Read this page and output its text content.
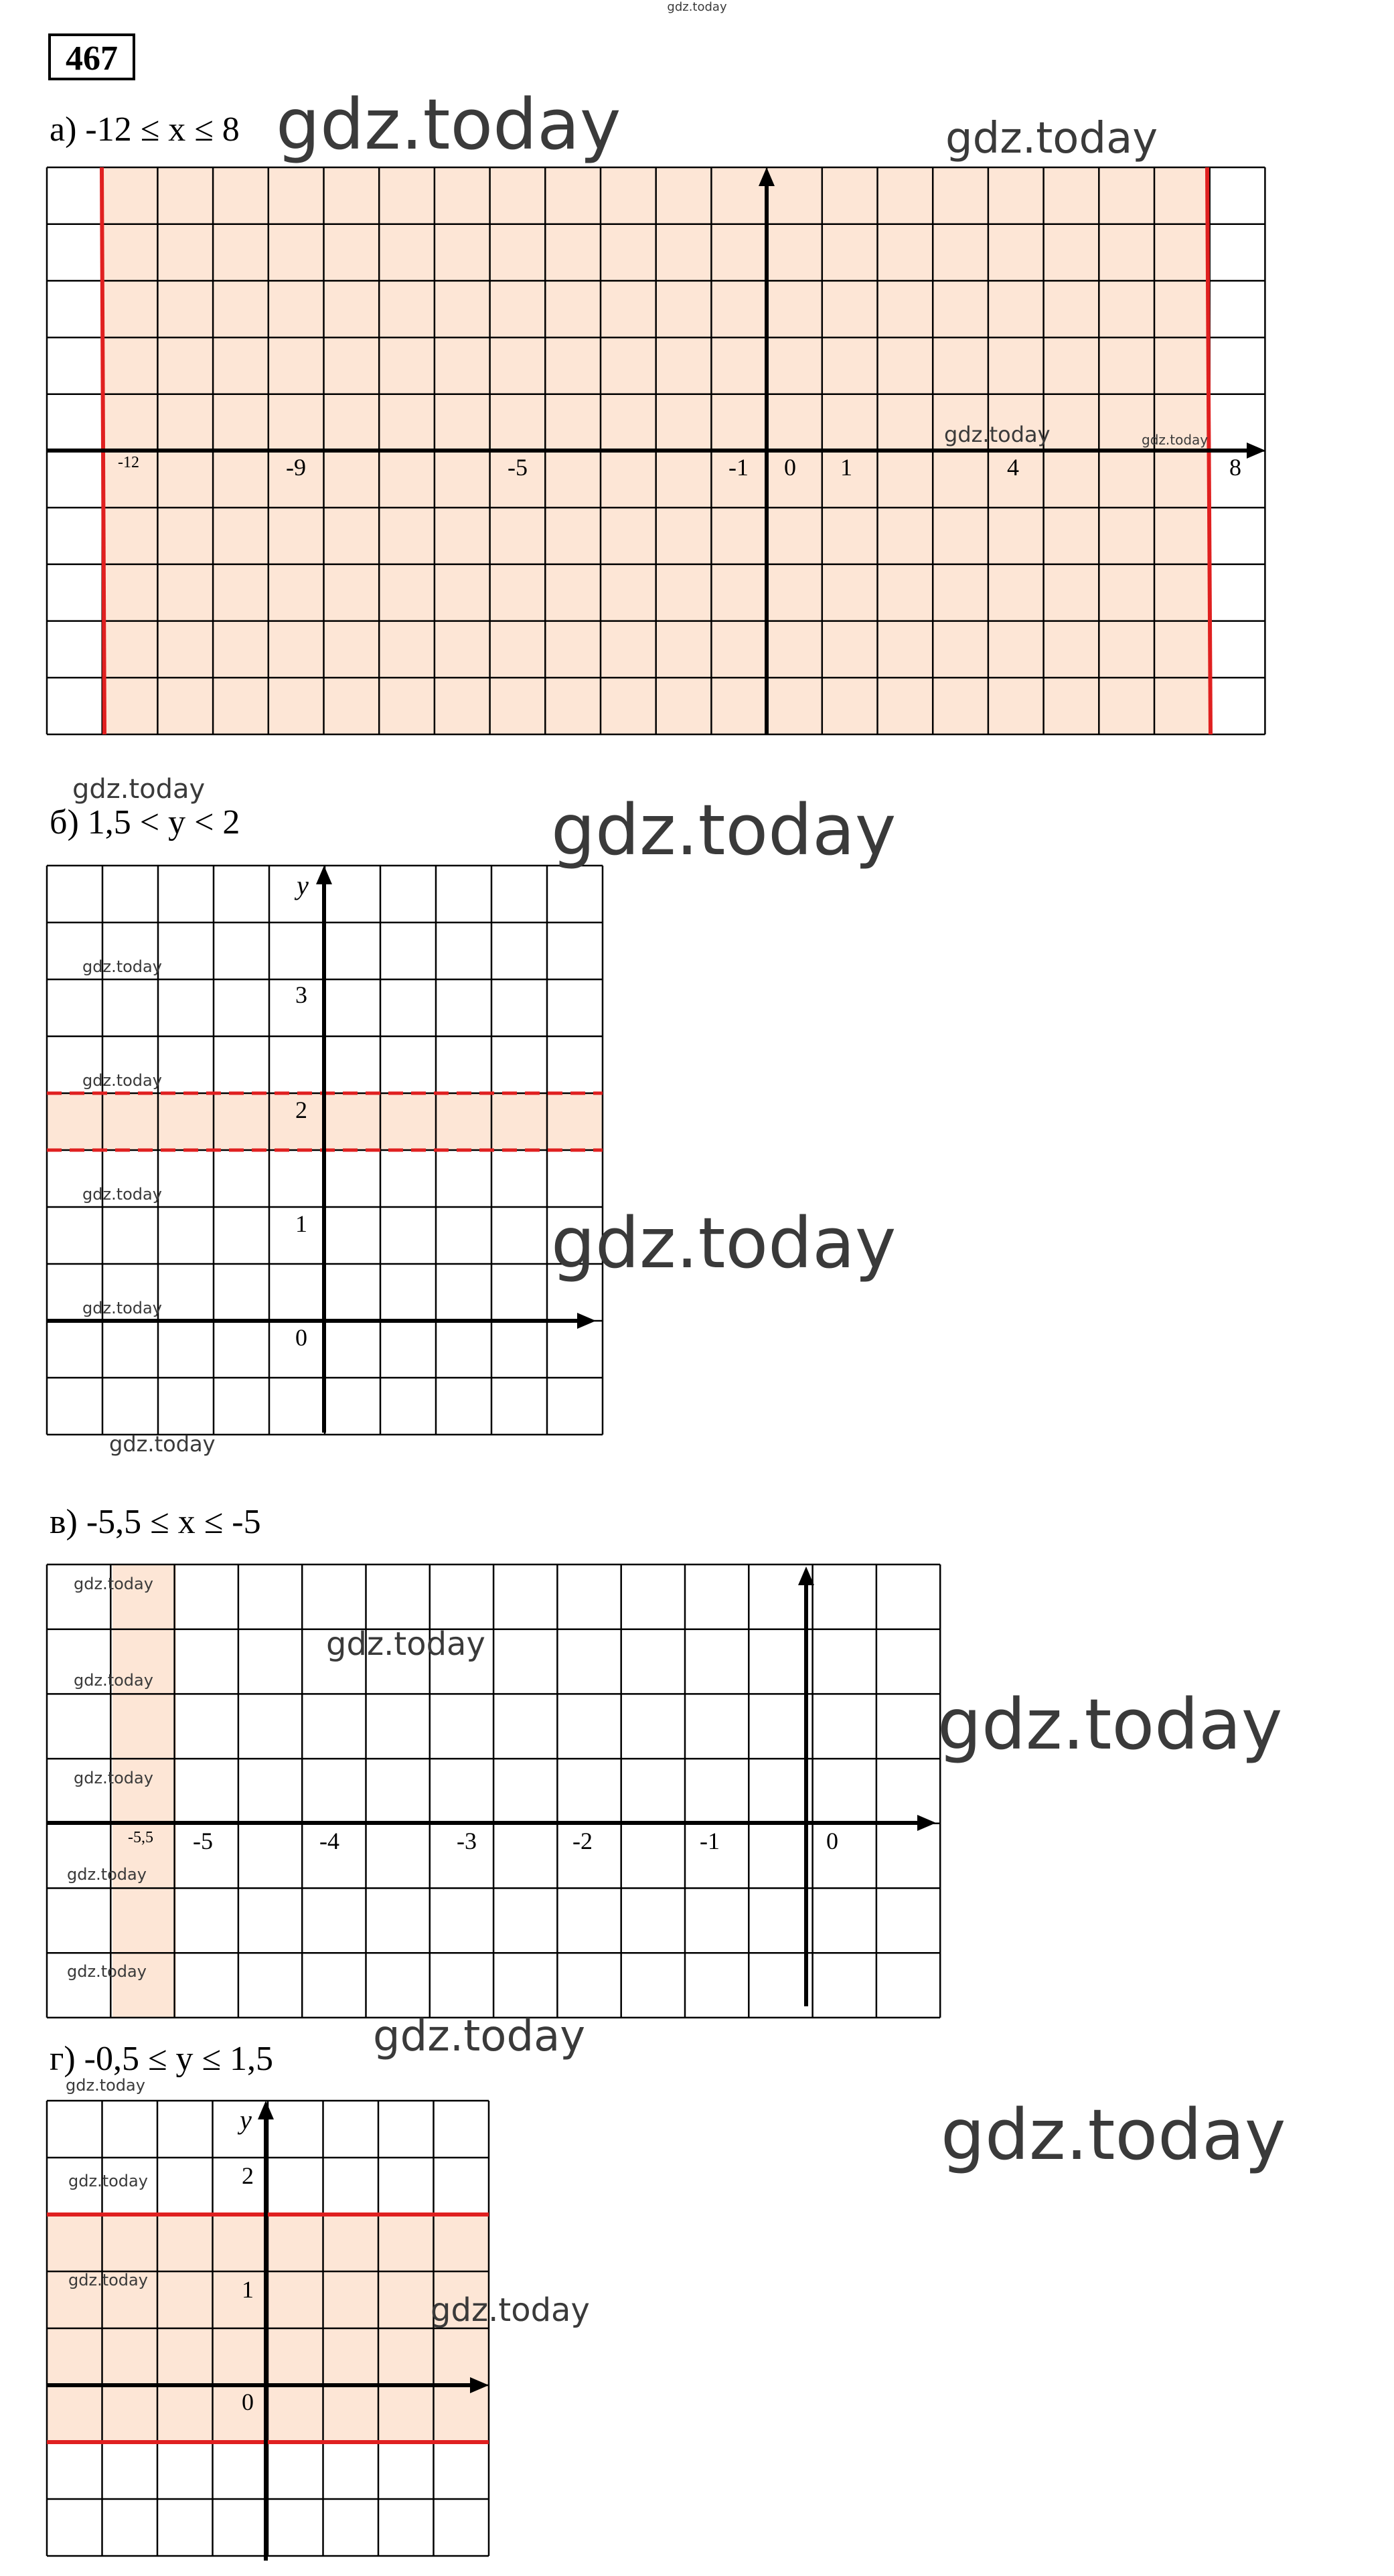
gdz.today
467
а) -12 ≤ x ≤ 8
-12	-9	-5	-1 0 1	4	8
б) 1,5 < y < 2
y
3
2
1
0
в) -5,5 ≤ x ≤ -5
-5,5 -5	-4	-3	-2	-1	0
г) -0,5 ≤ y ≤ 1,5
y
2
1
0
gdz.today	gdz.today
gdz.today	gdz.today
gdz.today	gdz.today
gdz.today
gdz.today
gdz.today
gdz.today
gdz.today
gdz.today
gdz.today
gdz.today
gdz.today
gdz.today
gdz.today
gdz.today
gdz.today
gdz.today
gdz.today
gdz.today
gdz.today
gdz.today
gdz.today
